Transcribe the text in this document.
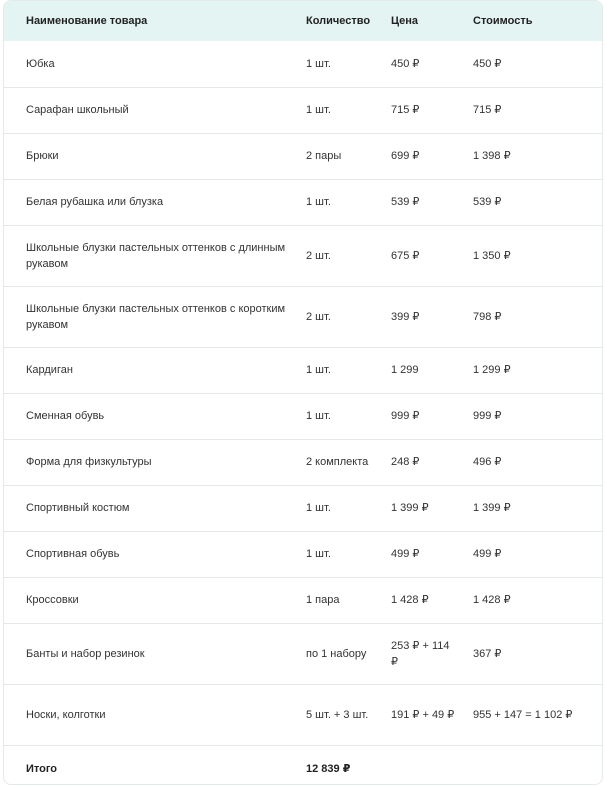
Наименование товара	Количество	Цена	Стоимость
Юбка	1 шт.	450 ₽	450 ₽
Сарафан школьный	1 шт.	715 ₽	715 ₽
Брюки	2 пары	699 ₽	1 398 ₽
Белая рубашка или блузка	1 шт.	539 ₽	539 ₽
Школьные блузки пастельных оттенков с длинным рукавом	2 шт.	675 ₽	1 350 ₽
Школьные блузки пастельных оттенков с коротким рукавом	2 шт.	399 ₽	798 ₽
Кардиган	1 шт.	1 299	1 299 ₽
Сменная обувь	1 шт.	999 ₽	999 ₽
Форма для физкультуры	2 комплекта	248 ₽	496 ₽
Спортивный костюм	1 шт.	1 399 ₽	1 399 ₽
Спортивная обувь	1 шт.	499 ₽	499 ₽
Кроссовки	1 пара	1 428 ₽	1 428 ₽
Банты и набор резинок	по 1 набору	253 ₽ + 114 ₽	367 ₽
Носки, колготки	5 шт. + 3 шт.	191 ₽ + 49 ₽	955 + 147 = 1 102 ₽
Итого	12 839 ₽		
